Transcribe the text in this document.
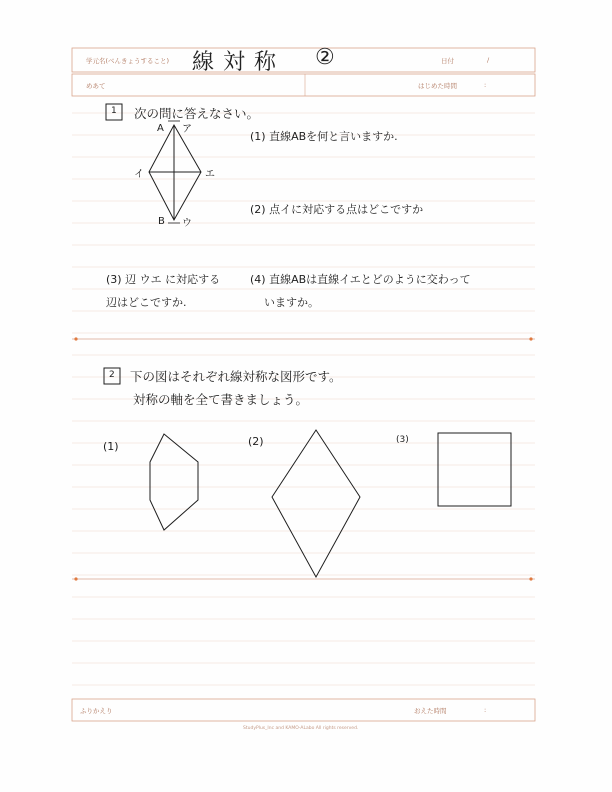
学元名(べんきょうすること) 線対称 ②	日付	/
めあて	はじめた時間	:
1 次の問に答えなさい。
A ア
イ	エ
B ウ
(1) 直線ABを何と言いますか.
(2) 点イに対応する点はどこですか
(3) 辺 ウエ に対応する
辺はどこですか.
(4) 直線ABは直線イエとどのように交わって
いますか。
2 下の図はそれぞれ線対称な図形です。
対称の軸を全て書きましょう。
(1)	(2)	(3)
ふりかえり	おえた時間	:
StudyPlus_Inc and KAMO-ALabo All rights reserved.
